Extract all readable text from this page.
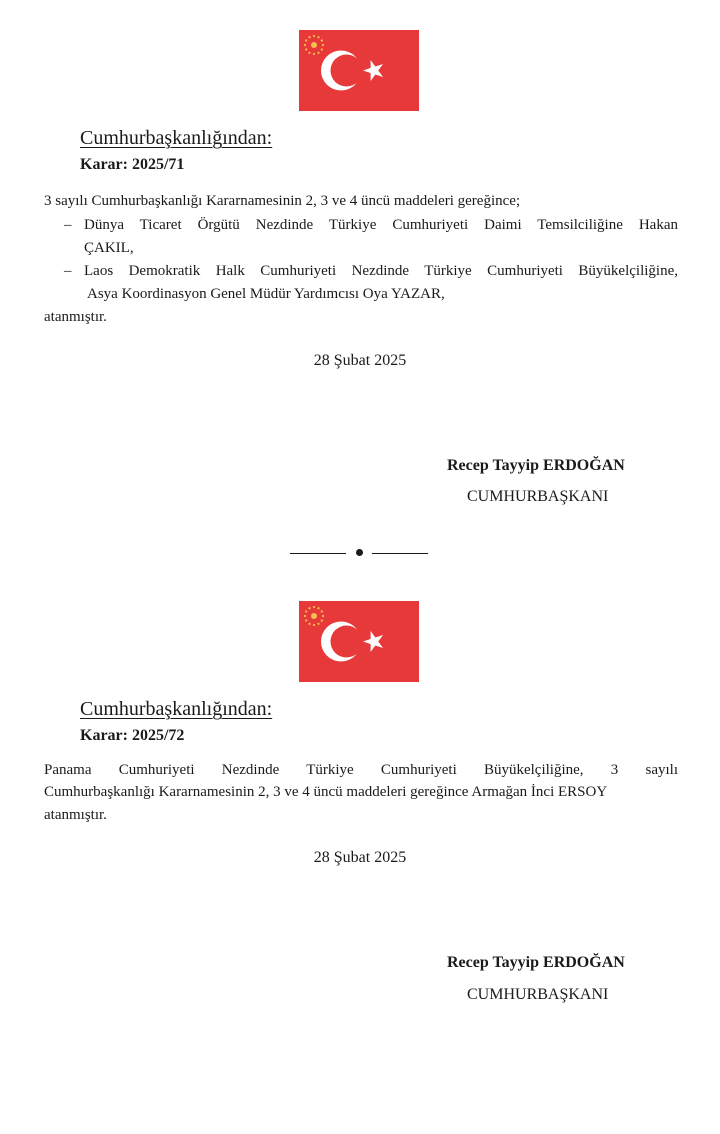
Cumhurbaşkanlığından:
Karar: 2025/71
3 sayılı Cumhurbaşkanlığı Kararnamesinin 2, 3 ve 4 üncü maddeleri gereğince;
– Dünya Ticaret Örgütü Nezdinde Türkiye Cumhuriyeti Daimi Temsilciliğine Hakan
ÇAKIL,
– Laos Demokratik Halk Cumhuriyeti Nezdinde Türkiye Cumhuriyeti Büyükelçiliğine,
Asya Koordinasyon Genel Müdür Yardımcısı Oya YAZAR,
atanmıştır.
28 Şubat 2025
Recep Tayyip ERDOĞAN
CUMHURBAŞKANI
Cumhurbaşkanlığından:
Karar: 2025/72
Panama Cumhuriyeti Nezdinde Türkiye Cumhuriyeti Büyükelçiliğine, 3 sayılı
Cumhurbaşkanlığı Kararnamesinin 2, 3 ve 4 üncü maddeleri gereğince Armağan İnci ERSOY
atanmıştır.
28 Şubat 2025
Recep Tayyip ERDOĞAN
CUMHURBAŞKANI
